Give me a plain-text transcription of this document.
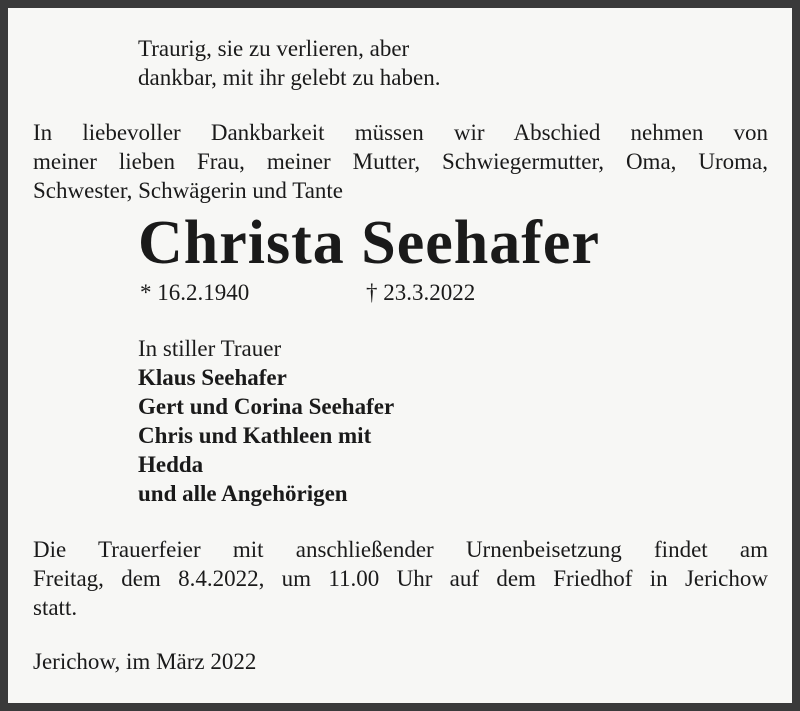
Traurig, sie zu verlieren, aber
dankbar, mit ihr gelebt zu haben.
In liebevoller Dankbarkeit müssen wir Abschied nehmen von
meiner lieben Frau, meiner Mutter, Schwiegermutter, Oma, Uroma,
Schwester, Schwägerin und Tante
Christa Seehafer
* 16.2.1940	† 23.3.2022
In stiller Trauer
Klaus Seehafer
Gert und Corina Seehafer
Chris und Kathleen mit
Hedda
und alle Angehörigen
Die Trauerfeier mit anschließender Urnenbeisetzung findet am
Freitag, dem 8.4.2022, um 11.00 Uhr auf dem Friedhof in Jerichow
statt.
Jerichow, im März 2022
